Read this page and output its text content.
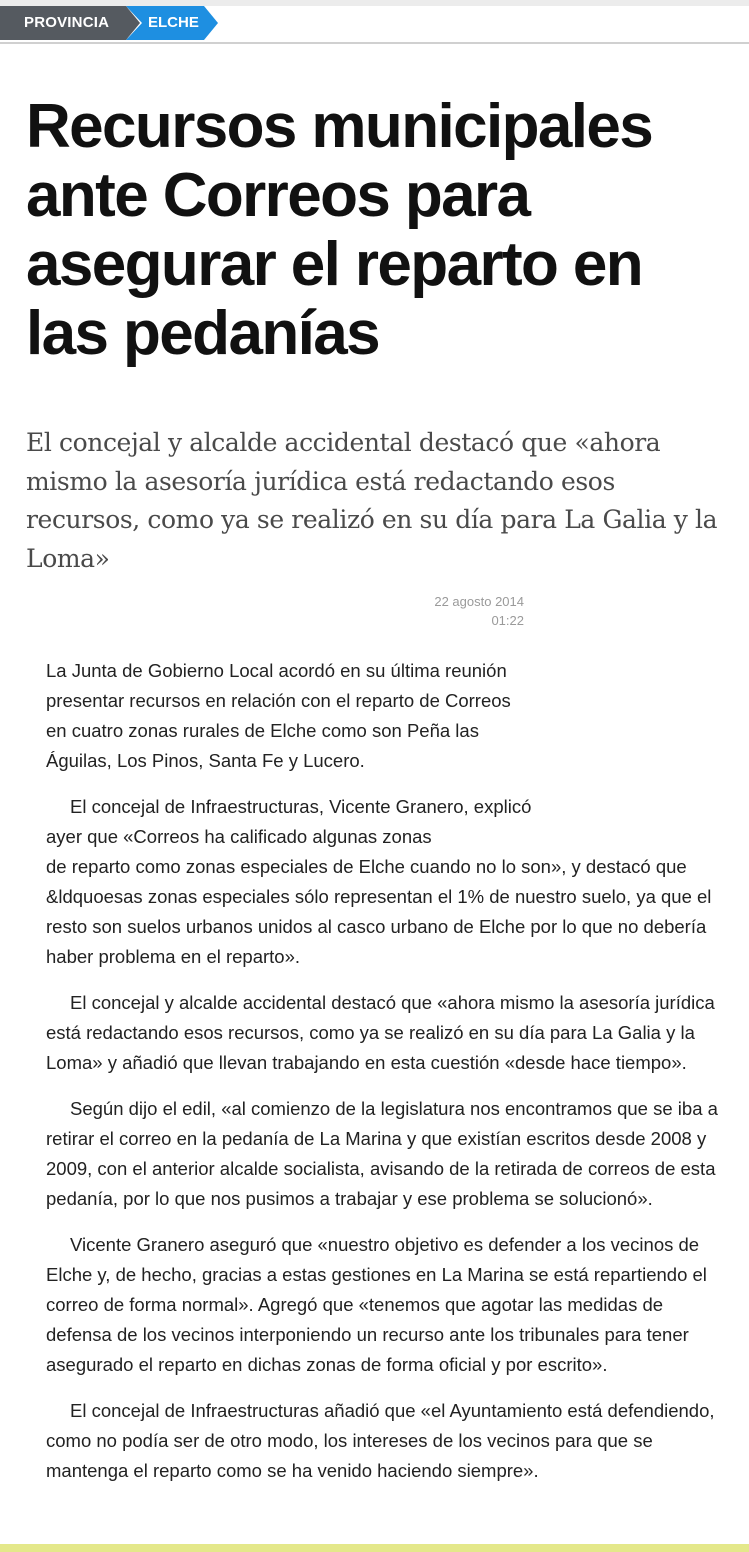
PROVINCIA	ELCHE
Recursos municipales ante Correos para asegurar el reparto en las pedanías

El concejal y alcalde accidental destacó que «ahora mismo la asesoría jurídica está redactando esos recursos, como ya se realizó en su día para La Galia y la Loma»

22 agosto 2014
01:22

La Junta de Gobierno Local acordó en su última reunión presentar recursos en relación con el reparto de Correos en cuatro zonas rurales de Elche como son Peña las Águilas, Los Pinos, Santa Fe y Lucero.

El concejal de Infraestructuras, Vicente Granero, explicó ayer que «Correos ha calificado algunas zonas

de reparto como zonas especiales de Elche cuando no lo son», y destacó que &ldquoesas zonas especiales sólo representan el 1% de nuestro suelo, ya que el resto son suelos urbanos unidos al casco urbano de Elche por lo que no debería haber problema en el reparto».

El concejal y alcalde accidental destacó que «ahora mismo la asesoría jurídica está redactando esos recursos, como ya se realizó en su día para La Galia y la Loma» y añadió que llevan trabajando en esta cuestión «desde hace tiempo».

Según dijo el edil, «al comienzo de la legislatura nos encontramos que se iba a retirar el correo en la pedanía de La Marina y que existían escritos desde 2008 y 2009, con el anterior alcalde socialista, avisando de la retirada de correos de esta pedanía, por lo que nos pusimos a trabajar y ese problema se solucionó».

Vicente Granero aseguró que «nuestro objetivo es defender a los vecinos de Elche y, de hecho, gracias a estas gestiones en La Marina se está repartiendo el correo de forma normal». Agregó que «tenemos que agotar las medidas de defensa de los vecinos interponiendo un recurso ante los tribunales para tener asegurado el reparto en dichas zonas de forma oficial y por escrito».

El concejal de Infraestructuras añadió que «el Ayuntamiento está defendiendo, como no podía ser de otro modo, los intereses de los vecinos para que se mantenga el reparto como se ha venido haciendo siempre».
